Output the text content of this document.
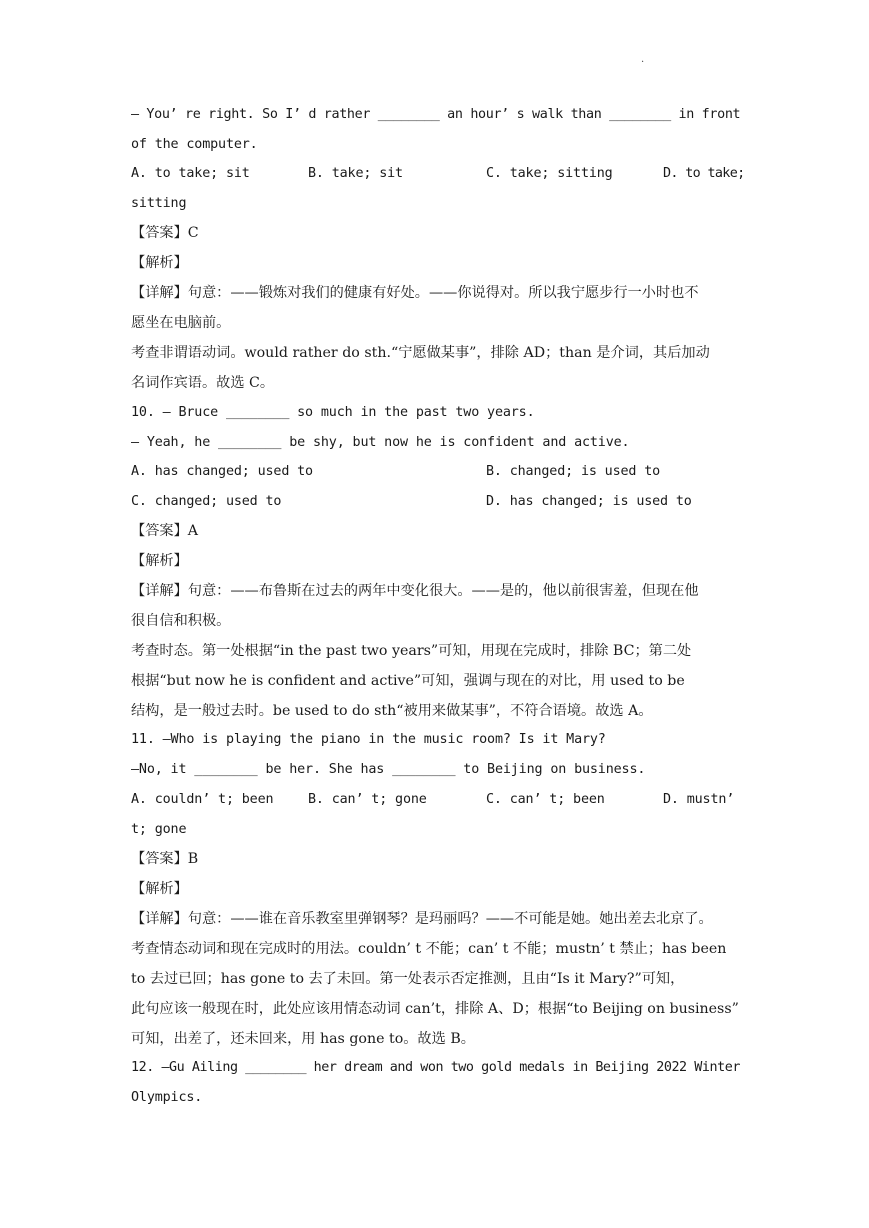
.
— You’ re right. So I’ d rather ________ an hour’ s walk than ________ in front
of the computer.
A. to take; sit	B. take; sit	C. take; sitting	D. to take;
sitting
【答案】C
【解析】
【详解】句意：——锻炼对我们的健康有好处。——你说得对。所以我宁愿步行一小时也不
愿坐在电脑前。
考查非谓语动词。would rather do sth.“宁愿做某事”，排除 AD；than 是介词，其后加动
名词作宾语。故选 C。
10. — Bruce ________ so much in the past two years.
— Yeah, he ________ be shy, but now he is confident and active.
A. has changed; used to	B. changed; is used to
C. changed; used to	D. has changed; is used to
【答案】A
【解析】
【详解】句意：——布鲁斯在过去的两年中变化很大。——是的，他以前很害羞，但现在他
很自信和积极。
考查时态。第一处根据“in the past two years”可知，用现在完成时，排除 BC；第二处
根据“but now he is confident and active”可知，强调与现在的对比，用 used to be
结构，是一般过去时。be used to do sth“被用来做某事”，不符合语境。故选 A。
11. —Who is playing the piano in the music room? Is it Mary?
—No, it ________ be her. She has ________ to Beijing on business.
A. couldn’ t; been	B. can’ t; gone	C. can’ t; been	D. mustn’
t; gone
【答案】B
【解析】
【详解】句意：——谁在音乐教室里弹钢琴？是玛丽吗？——不可能是她。她出差去北京了。
考查情态动词和现在完成时的用法。couldn’ t 不能；can’ t 不能；mustn’ t 禁止；has been
to 去过已回；has gone to 去了未回。第一处表示否定推测，且由“Is it Mary?”可知，
此句应该一般现在时，此处应该用情态动词 can’t，排除 A、D；根据“to Beijing on business”
可知，出差了，还未回来，用 has gone to。故选 B。
12. —Gu Ailing ________ her dream and won two gold medals in Beijing 2022 Winter
Olympics.
